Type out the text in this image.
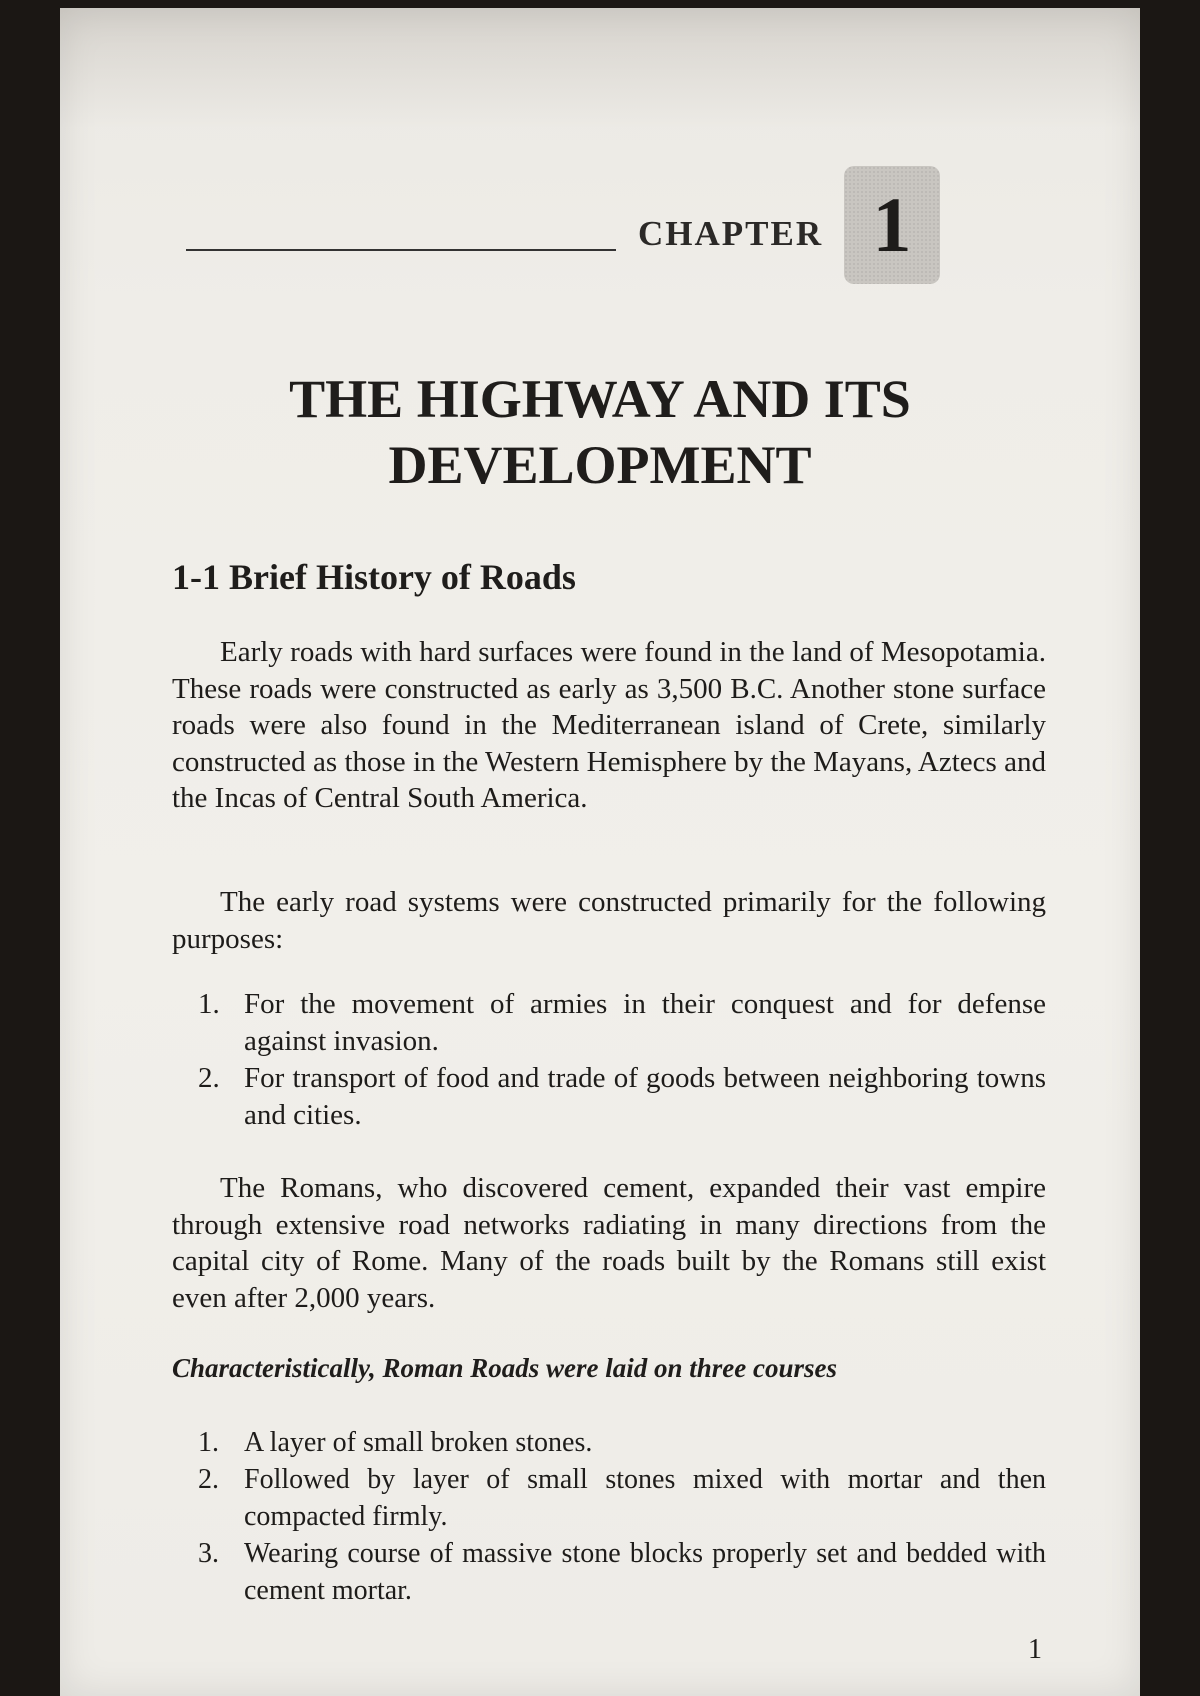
CHAPTER 1
THE HIGHWAY AND ITS
DEVELOPMENT
1-1 Brief History of Roads

Early roads with hard surfaces were found in the land of Mesopotamia. These roads were constructed as early as 3,500 B.C. Another stone surface roads were also found in the Mediterranean island of Crete, similarly constructed as those in the Western Hemisphere by the Mayans, Aztecs and the Incas of Central South America.

The early road systems were constructed primarily for the following purposes:

1. For the movement of armies in their conquest and for defense against invasion.
2. For transport of food and trade of goods between neighboring towns and cities.

The Romans, who discovered cement, expanded their vast empire through extensive road networks radiating in many directions from the capital city of Rome. Many of the roads built by the Romans still exist even after 2,000 years.

Characteristically, Roman Roads were laid on three courses
1. A layer of small broken stones.
2. Followed by layer of small stones mixed with mortar and then compacted firmly.
3. Wearing course of massive stone blocks properly set and bedded with cement mortar.
1
